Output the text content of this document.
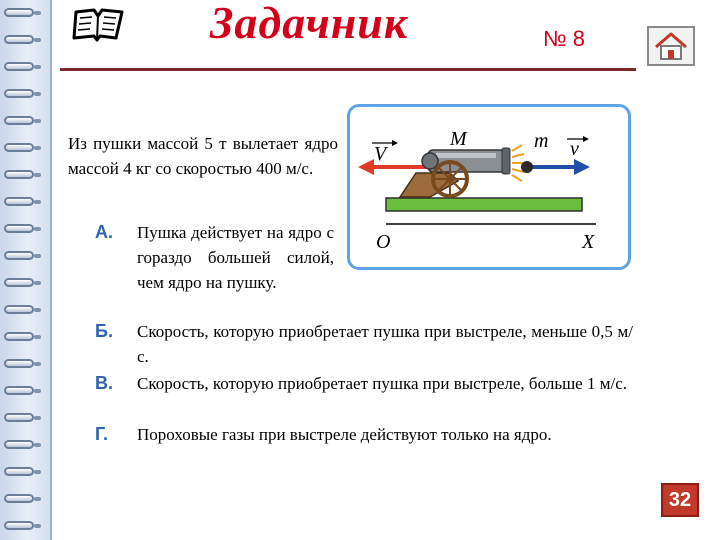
Задачник	№ 8
Из пушки массой 5 т вылетает ядро массой 4 кг со скоростью 400 м/с.
V
M	m v
O	X
А. Пушка действует на ядро с гораздо большей силой, чем ядро на пушку.
Б. Скорость, которую приобретает пушка при выстреле, меньше 0,5 м/с.
В. Скорость, которую приобретает пушка при выстреле, больше 1 м/с.
Г. Пороховые газы при выстреле действуют только на ядро.
32
